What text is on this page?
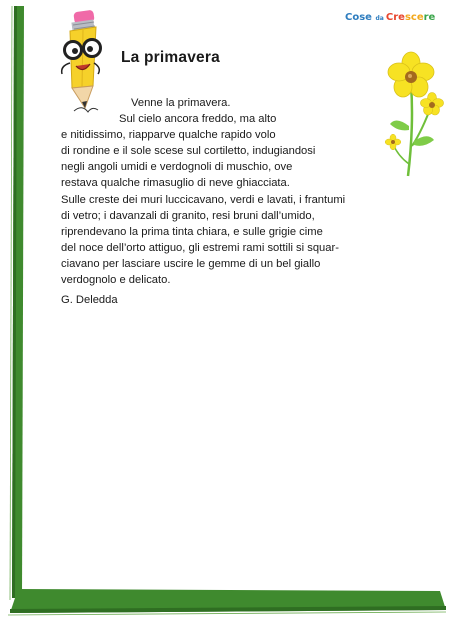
La primavera
Cose da Crescere
Venne la primavera.
Sul cielo ancora freddo, ma alto
e nitidissimo, riapparve qualche rapido volo
di rondine e il sole scese sul cortiletto, indugiandosi
negli angoli umidi e verdognoli di muschio, ove
restava qualche rimasuglio di neve ghiacciata.
Sulle creste dei muri luccicavano, verdi e lavati, i frantumi
di vetro; i davanzali di granito, resi bruni dall’umido,
riprendevano la prima tinta chiara, e sulle grigie cime
del noce dell’orto attiguo, gli estremi rami sottili si squar-
ciavano per lasciare uscire le gemme di un bel giallo
verdognolo e delicato.
G. Deledda
